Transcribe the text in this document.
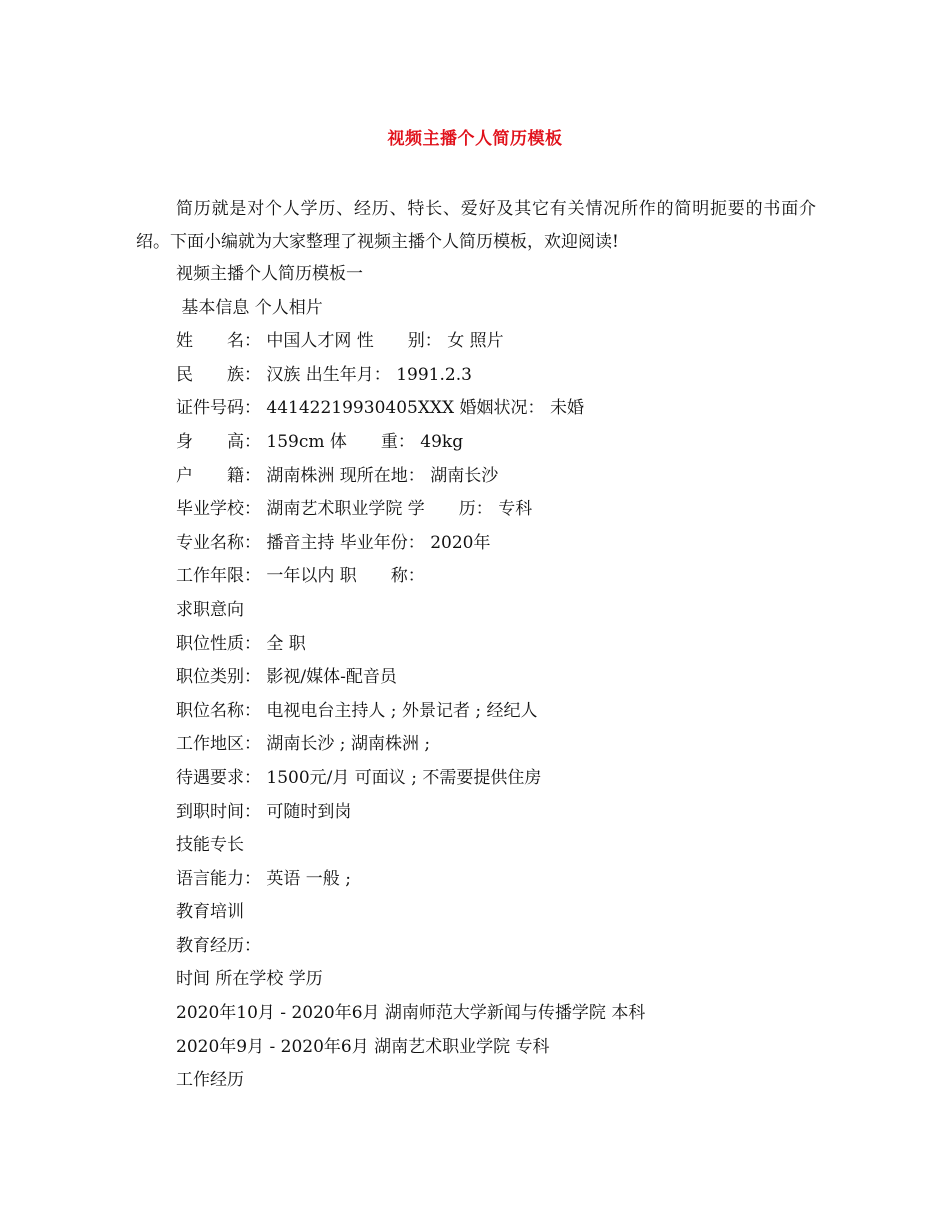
视频主播个人简历模板
简历就是对个人学历、经历、特长、爱好及其它有关情况所作的简明扼要的书面介绍。下面小编就为大家整理了视频主播个人简历模板，欢迎阅读!
视频主播个人简历模板一
基本信息 个人相片
姓　　名： 中国人才网 性　　别： 女 照片
民　　族： 汉族 出生年月： 1991.2.3
证件号码： 44142219930405XXX 婚姻状况： 未婚
身　　高： 159cm 体　　重： 49kg
户　　籍： 湖南株洲 现所在地： 湖南长沙
毕业学校： 湖南艺术职业学院 学　　历： 专科
专业名称： 播音主持 毕业年份： 2020年
工作年限： 一年以内 职　　称：
求职意向
职位性质： 全 职
职位类别： 影视/媒体-配音员
职位名称： 电视电台主持人 ; 外景记者 ; 经纪人
工作地区： 湖南长沙 ; 湖南株洲 ;
待遇要求： 1500元/月 可面议 ; 不需要提供住房
到职时间： 可随时到岗
技能专长
语言能力： 英语 一般 ;
教育培训
教育经历：
时间 所在学校 学历
2020年10月 - 2020年6月 湖南师范大学新闻与传播学院 本科
2020年9月 - 2020年6月 湖南艺术职业学院 专科
工作经历
